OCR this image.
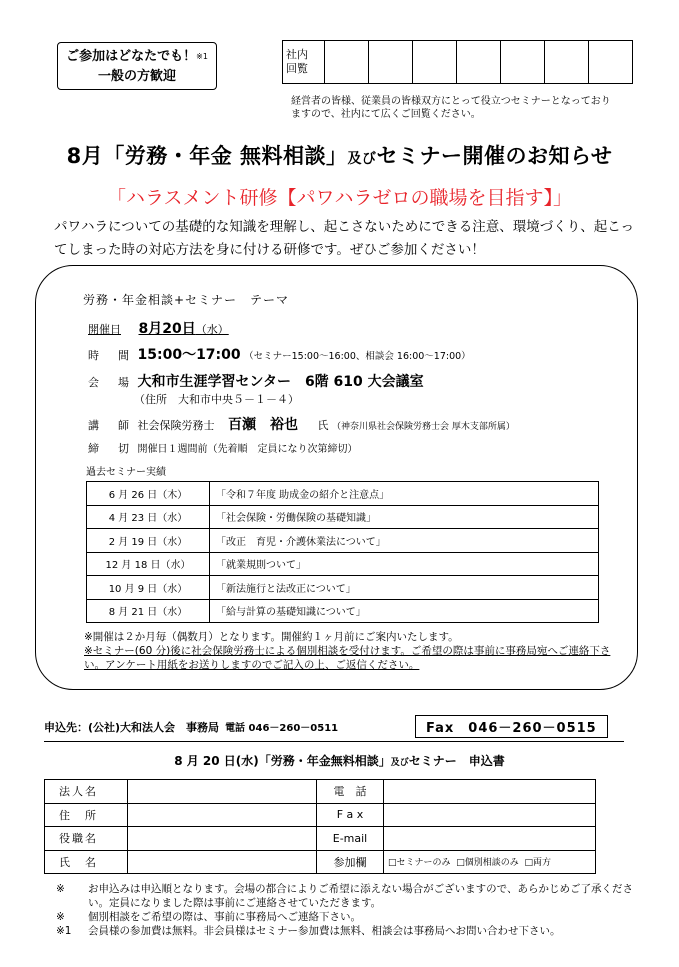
ご参加はどなたでも！$^{※1}$
一般の方歓迎
社内
回覧							
経営者の皆様、従業員の皆様双方にとって役立つセミナーとなっておりますので、社内にて広くご回覧ください。
8月「労務・年金 無料相談」及びセミナー開催のお知らせ
「ハラスメント研修【パワハラゼロの職場を目指す】」
パワハラについての基礎的な知識を理解し、起こさないためにできる注意、環境づくり、起こってしまった時の対応方法を身に付ける研修です。ぜひご参加ください！
労務・年金相談+セミナー　テーマ
開催日 8月20日（水）
時　間 15:00〜17:00 （セミナー15:00〜16:00、相談会 16:00〜17:00）
会　場 大和市生涯学習センター　6階 610 大会議室
（住所　大和市中央５－１－４）
講　師 社会保険労務士 百瀬　裕也 氏 （神奈川県社会保険労務士会 厚木支部所属）
締　切 開催日１週間前（先着順　定員になり次第締切）
過去セミナー実績
6 月 26 日（木）	「令和７年度 助成金の紹介と注意点」
4 月 23 日（水）	「社会保険・労働保険の基礎知識」
2 月 19 日（水）	「改正　育児・介護休業法について」
12 月 18 日（水）	「就業規則ついて」
10 月 9 日（水）	「新法施行と法改正について」
8 月 21 日（水）	「給与計算の基礎知識について」
※開催は２か月毎（偶数月）となります。開催約１ヶ月前にご案内いたします。
※セミナー(60 分)後に社会保険労務士による個別相談を受付けます。ご希望の際は事前に事務局宛へご連絡下さい。アンケート用紙をお送りしますのでご記入の上、ご返信ください。
申込先：(公社)大和法人会　事務局 電話 046－260－0511	Fax　046－260－0515
8 月 20 日(水)「労務・年金無料相談」及びセミナー　申込書
法人名		電　話	
住　所		F a x	
役職名		E-mail	
氏　名		参加欄	□セミナーのみ □個別相談のみ □両方
※	お申込みは申込順となります。会場の都合によりご希望に添えない場合がございますので、あらかじめご了承ください。定員になりました際は事前にご連絡させていただきます。
※	個別相談をご希望の際は、事前に事務局へご連絡下さい。
※1	会員様の参加費は無料。非会員様はセミナー参加費は無料、相談会は事務局へお問い合わせ下さい。
